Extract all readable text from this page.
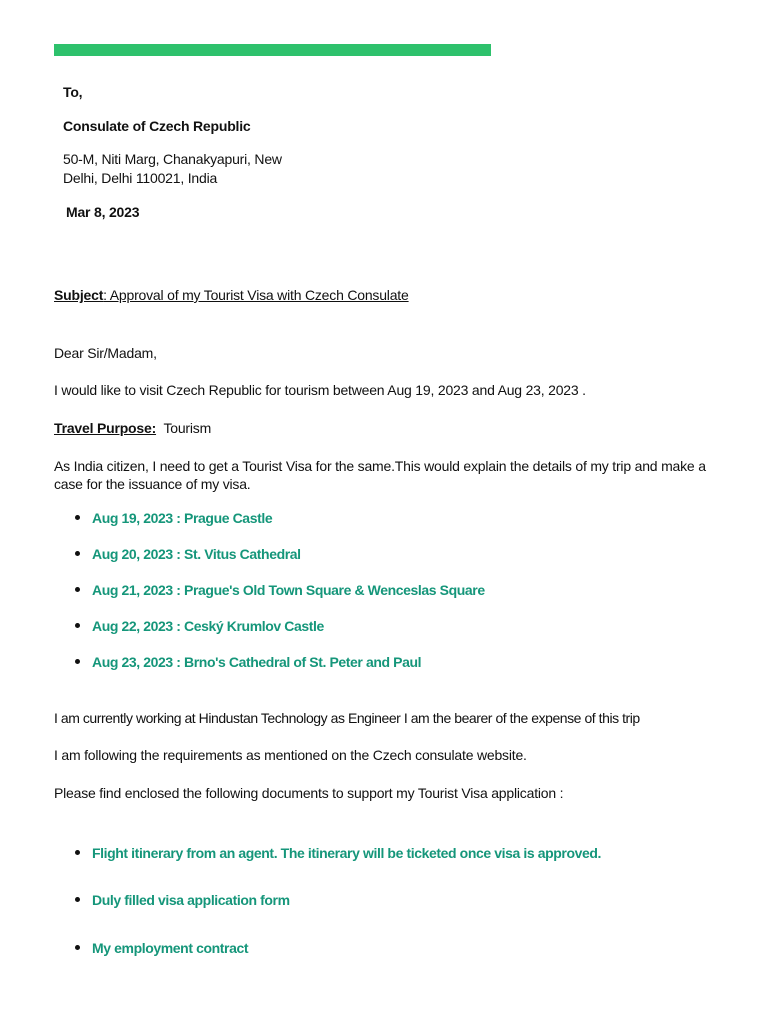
To,
Consulate of Czech Republic
50-M, Niti Marg, Chanakyapuri, New
Delhi, Delhi 110021, India
Mar 8, 2023
Subject: Approval of my Tourist Visa with Czech Consulate
Dear Sir/Madam,
I would like to visit Czech Republic for tourism between Aug 19, 2023 and Aug 23, 2023 .
Travel Purpose: Tourism
As India citizen, I need to get a Tourist Visa for the same.This would explain the details of my trip and make a case for the issuance of my visa.
Aug 19, 2023 : Prague Castle
Aug 20, 2023 : St. Vitus Cathedral
Aug 21, 2023 : Prague's Old Town Square & Wenceslas Square
Aug 22, 2023 : Ceský Krumlov Castle
Aug 23, 2023 : Brno's Cathedral of St. Peter and Paul
I am currently working at Hindustan Technology as Engineer I am the bearer of the expense of this trip
I am following the requirements as mentioned on the Czech consulate website.
Please find enclosed the following documents to support my Tourist Visa application :
Flight itinerary from an agent. The itinerary will be ticketed once visa is approved.
Duly filled visa application form
My employment contract
